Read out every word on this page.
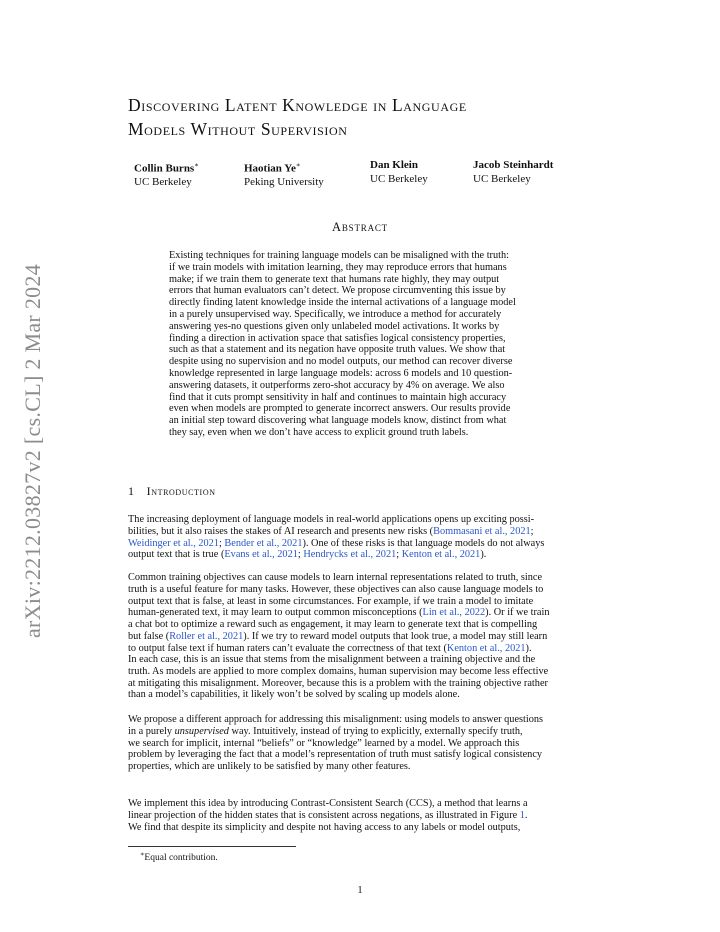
arXiv:2212.03827v2 [cs.CL] 2 Mar 2024
Discovering Latent Knowledge in Language
Models Without Supervision
Collin Burns∗
UC Berkeley
Haotian Ye∗
Peking University
Dan Klein
UC Berkeley
Jacob Steinhardt
UC Berkeley
Abstract
Existing techniques for training language models can be misaligned with the truth:
if we train models with imitation learning, they may reproduce errors that humans
make; if we train them to generate text that humans rate highly, they may output
errors that human evaluators can’t detect. We propose circumventing this issue by
directly finding latent knowledge inside the internal activations of a language model
in a purely unsupervised way. Specifically, we introduce a method for accurately
answering yes-no questions given only unlabeled model activations. It works by
finding a direction in activation space that satisfies logical consistency properties,
such as that a statement and its negation have opposite truth values. We show that
despite using no supervision and no model outputs, our method can recover diverse
knowledge represented in large language models: across 6 models and 10 question-
answering datasets, it outperforms zero-shot accuracy by 4% on average. We also
find that it cuts prompt sensitivity in half and continues to maintain high accuracy
even when models are prompted to generate incorrect answers. Our results provide
an initial step toward discovering what language models know, distinct from what
they say, even when we don’t have access to explicit ground truth labels.
1 Introduction
The increasing deployment of language models in real-world applications opens up exciting possi-
bilities, but it also raises the stakes of AI research and presents new risks (Bommasani et al., 2021;
Weidinger et al., 2021; Bender et al., 2021). One of these risks is that language models do not always
output text that is true (Evans et al., 2021; Hendrycks et al., 2021; Kenton et al., 2021).
Common training objectives can cause models to learn internal representations related to truth, since
truth is a useful feature for many tasks. However, these objectives can also cause language models to
output text that is false, at least in some circumstances. For example, if we train a model to imitate
human-generated text, it may learn to output common misconceptions (Lin et al., 2022). Or if we train
a chat bot to optimize a reward such as engagement, it may learn to generate text that is compelling
but false (Roller et al., 2021). If we try to reward model outputs that look true, a model may still learn
to output false text if human raters can’t evaluate the correctness of that text (Kenton et al., 2021).
In each case, this is an issue that stems from the misalignment between a training objective and the
truth. As models are applied to more complex domains, human supervision may become less effective
at mitigating this misalignment. Moreover, because this is a problem with the training objective rather
than a model’s capabilities, it likely won’t be solved by scaling up models alone.
We propose a different approach for addressing this misalignment: using models to answer questions
in a purely unsupervised way. Intuitively, instead of trying to explicitly, externally specify truth,
we search for implicit, internal “beliefs” or “knowledge” learned by a model. We approach this
problem by leveraging the fact that a model’s representation of truth must satisfy logical consistency
properties, which are unlikely to be satisfied by many other features.
We implement this idea by introducing Contrast-Consistent Search (CCS), a method that learns a
linear projection of the hidden states that is consistent across negations, as illustrated in Figure 1.
We find that despite its simplicity and despite not having access to any labels or model outputs,
∗Equal contribution.
1
